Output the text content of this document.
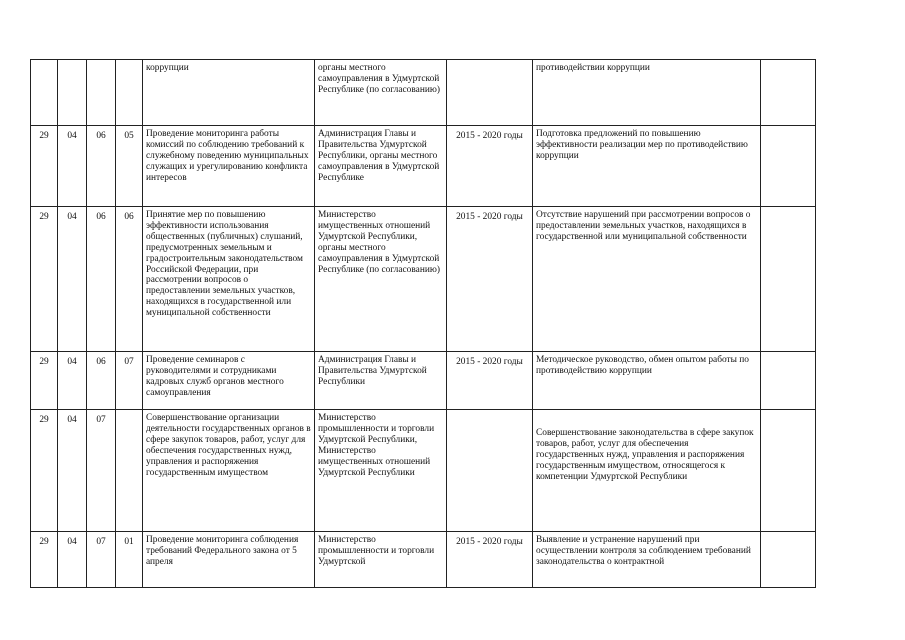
				коррупции	органы местного самоуправления в Удмуртской Республике (по согласованию)		противодействии коррупции	
29	04	06	05	Проведение мониторинга работы комиссий по соблюдению требований к служебному поведению муниципальных служащих и урегулированию конфликта интересов	Администрация Главы и Правительства Удмуртской Республики, органы местного самоуправления в Удмуртской Республике	2015 - 2020 годы	Подготовка предложений по повышению эффективности реализации мер по противодействию коррупции	
29	04	06	06	Принятие мер по повышению эффективности использования общественных (публичных) слушаний, предусмотренных земельным и градостроительным законодательством Российской Федерации, при рассмотрении вопросов о предоставлении земельных участков, находящихся в государственной или муниципальной собственности	Министерство имущественных отношений Удмуртской Республики, органы местного самоуправления в Удмуртской Республике (по согласованию)	2015 - 2020 годы	Отсутствие нарушений при рассмотрении вопросов о предоставлении земельных участков, находящихся в государственной или муниципальной собственности	
29	04	06	07	Проведение семинаров с руководителями и сотрудниками кадровых служб органов местного самоуправления	Администрация Главы и Правительства Удмуртской Республики	2015 - 2020 годы	Методическое руководство, обмен опытом работы по противодействию коррупции	
29	04	07		Совершенствование организации деятельности государственных органов в сфере закупок товаров, работ, услуг для обеспечения государственных нужд, управления и распоряжения государственным имуществом	Министерство промышленности и торговли Удмуртской Республики, Министерство имущественных отношений Удмуртской Республики		Совершенствование законодательства в сфере закупок товаров, работ, услуг для обеспечения государственных нужд, управления и распоряжения государственным имуществом, относящегося к компетенции Удмуртской Республики	
29	04	07	01	Проведение мониторинга соблюдения требований Федерального закона от 5 апреля	Министерство промышленности и торговли Удмуртской	2015 - 2020 годы	Выявление и устранение нарушений при осуществлении контроля за соблюдением требований законодательства о контрактной	
